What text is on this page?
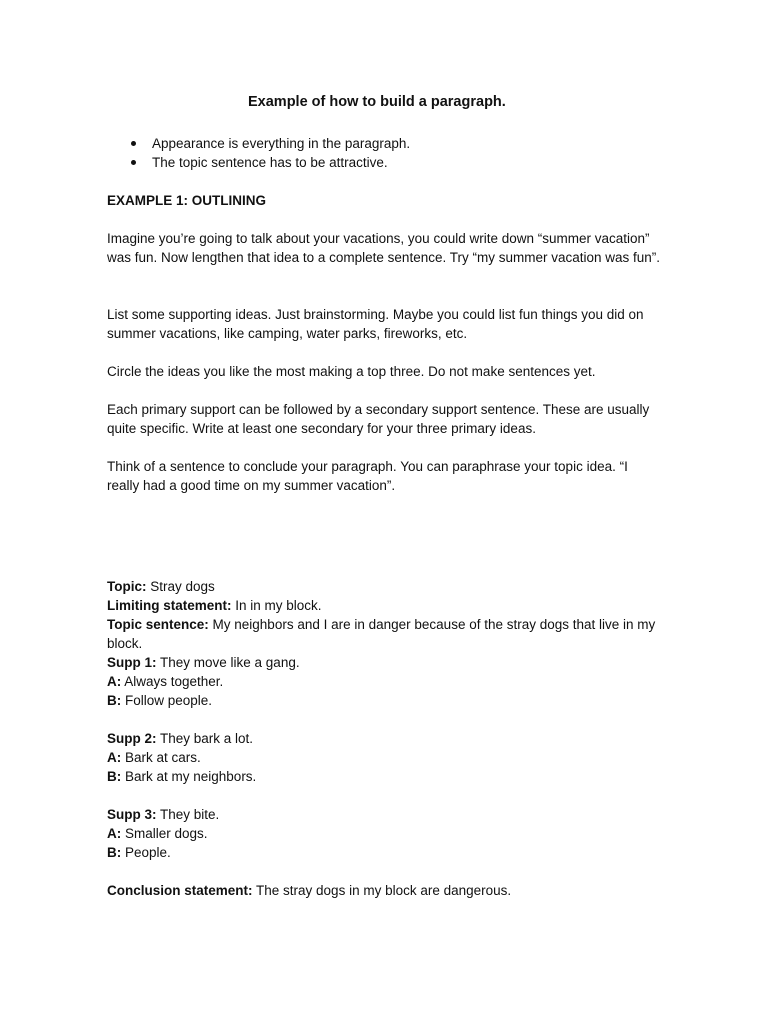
Example of how to build a paragraph.
Appearance is everything in the paragraph.
The topic sentence has to be attractive.
EXAMPLE 1: OUTLINING

Imagine you’re going to talk about your vacations, you could write down “summer vacation” was fun. Now lengthen that idea to a complete sentence. Try “my summer vacation was fun”.

List some supporting ideas. Just brainstorming. Maybe you could list fun things you did on summer vacations, like camping, water parks, fireworks, etc.

Circle the ideas you like the most making a top three. Do not make sentences yet.

Each primary support can be followed by a secondary support sentence. These are usually quite specific. Write at least one secondary for your three primary ideas.

Think of a sentence to conclude your paragraph. You can paraphrase your topic idea. “I really had a good time on my summer vacation”.

Topic: Stray dogs

Limiting statement: In in my block.

Topic sentence: My neighbors and I are in danger because of the stray dogs that live in my block.

Supp 1: They move like a gang.

A: Always together.

B: Follow people.

Supp 2: They bark a lot.

A: Bark at cars.

B: Bark at my neighbors.

Supp 3: They bite.

A: Smaller dogs.

B: People.

Conclusion statement: The stray dogs in my block are dangerous.
